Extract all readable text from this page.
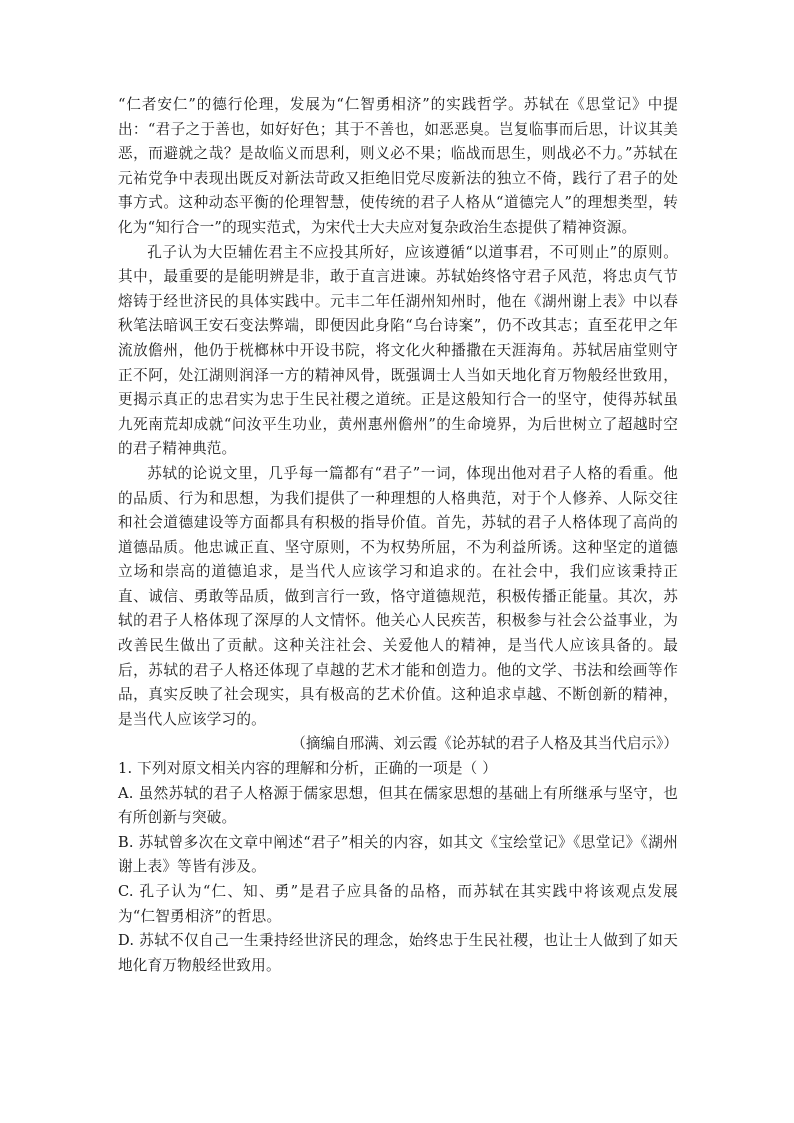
“仁者安仁”的德行伦理，发展为“仁智勇相济”的实践哲学。苏轼在《思堂记》中提出：“君子之于善也，如好好色；其于不善也，如恶恶臭。岂复临事而后思，计议其美恶，而避就之哉？是故临义而思利，则义必不果；临战而思生，则战必不力。”苏轼在元祐党争中表现出既反对新法苛政又拒绝旧党尽废新法的独立不倚，践行了君子的处事方式。这种动态平衡的伦理智慧，使传统的君子人格从“道德完人”的理想类型，转化为“知行合一”的现实范式，为宋代士大夫应对复杂政治生态提供了精神资源。

孔子认为大臣辅佐君主不应投其所好，应该遵循“以道事君，不可则止”的原则。其中，最重要的是能明辨是非，敢于直言进谏。苏轼始终恪守君子风范，将忠贞气节熔铸于经世济民的具体实践中。元丰二年任湖州知州时，他在《湖州谢上表》中以春秋笔法暗讽王安石变法弊端，即便因此身陷“乌台诗案”，仍不改其志；直至花甲之年流放儋州，他仍于桄榔林中开设书院，将文化火种播撒在天涯海角。苏轼居庙堂则守正不阿，处江湖则润泽一方的精神风骨，既强调士人当如天地化育万物般经世致用，更揭示真正的忠君实为忠于生民社稷之道统。正是这般知行合一的坚守，使得苏轼虽九死南荒却成就“问汝平生功业，黄州惠州儋州”的生命境界，为后世树立了超越时空的君子精神典范。

苏轼的论说文里，几乎每一篇都有“君子”一词，体现出他对君子人格的看重。他的品质、行为和思想，为我们提供了一种理想的人格典范，对于个人修养、人际交往和社会道德建设等方面都具有积极的指导价值。首先，苏轼的君子人格体现了高尚的道德品质。他忠诚正直、坚守原则，不为权势所屈，不为利益所诱。这种坚定的道德立场和崇高的道德追求，是当代人应该学习和追求的。在社会中，我们应该秉持正直、诚信、勇敢等品质，做到言行一致，恪守道德规范，积极传播正能量。其次，苏轼的君子人格体现了深厚的人文情怀。他关心人民疾苦，积极参与社会公益事业，为改善民生做出了贡献。这种关注社会、关爱他人的精神，是当代人应该具备的。最后，苏轼的君子人格还体现了卓越的艺术才能和创造力。他的文学、书法和绘画等作品，真实反映了社会现实，具有极高的艺术价值。这种追求卓越、不断创新的精神，是当代人应该学习的。

（摘编自邢满、刘云霞《论苏轼的君子人格及其当代启示》）

1. 下列对原文相关内容的理解和分析，正确的一项是（ ）

A. 虽然苏轼的君子人格源于儒家思想，但其在儒家思想的基础上有所继承与坚守，也有所创新与突破。

B. 苏轼曾多次在文章中阐述“君子”相关的内容，如其文《宝绘堂记》《思堂记》《湖州谢上表》等皆有涉及。

C. 孔子认为“仁、知、勇”是君子应具备的品格，而苏轼在其实践中将该观点发展为“仁智勇相济”的哲思。

D. 苏轼不仅自己一生秉持经世济民的理念，始终忠于生民社稷，也让士人做到了如天地化育万物般经世致用。
